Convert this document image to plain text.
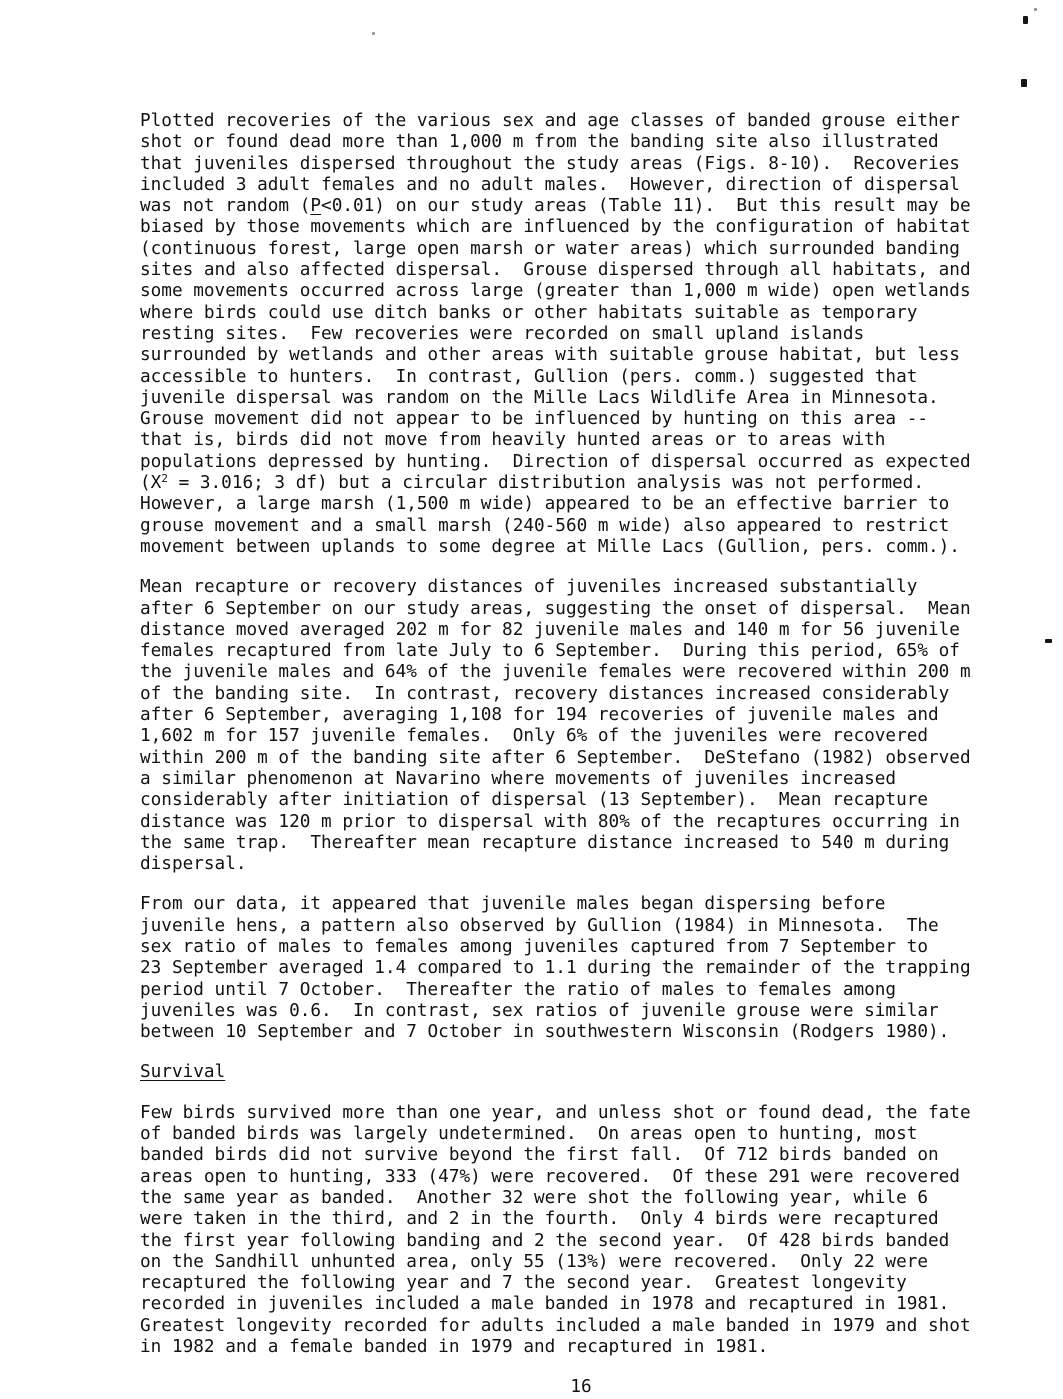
Plotted recoveries of the various sex and age classes of banded grouse either
shot or found dead more than 1,000 m from the banding site also illustrated
that juveniles dispersed throughout the study areas (Figs. 8-10).  Recoveries
included 3 adult females and no adult males.  However, direction of dispersal
was not random (P<0.01) on our study areas (Table 11).  But this result may be
biased by those movements which are influenced by the configuration of habitat
(continuous forest, large open marsh or water areas) which surrounded banding
sites and also affected dispersal.  Grouse dispersed through all habitats, and
some movements occurred across large (greater than 1,000 m wide) open wetlands
where birds could use ditch banks or other habitats suitable as temporary
resting sites.  Few recoveries were recorded on small upland islands
surrounded by wetlands and other areas with suitable grouse habitat, but less
accessible to hunters.  In contrast, Gullion (pers. comm.) suggested that
juvenile dispersal was random on the Mille Lacs Wildlife Area in Minnesota.
Grouse movement did not appear to be influenced by hunting on this area --
that is, birds did not move from heavily hunted areas or to areas with
populations depressed by hunting.  Direction of dispersal occurred as expected
($X^2 = 3.016$; 3 df) but a circular distribution analysis was not performed.
However, a large marsh (1,500 m wide) appeared to be an effective barrier to
grouse movement and a small marsh (240-560 m wide) also appeared to restrict
movement between uplands to some degree at Mille Lacs (Gullion, pers. comm.).
Mean recapture or recovery distances of juveniles increased substantially
after 6 September on our study areas, suggesting the onset of dispersal.  Mean
distance moved averaged 202 m for 82 juvenile males and 140 m for 56 juvenile
females recaptured from late July to 6 September.  During this period, 65% of
the juvenile males and 64% of the juvenile females were recovered within 200 m
of the banding site.  In contrast, recovery distances increased considerably
after 6 September, averaging 1,108 for 194 recoveries of juvenile males and
1,602 m for 157 juvenile females.  Only 6% of the juveniles were recovered
within 200 m of the banding site after 6 September.  DeStefano (1982) observed
a similar phenomenon at Navarino where movements of juveniles increased
considerably after initiation of dispersal (13 September).  Mean recapture
distance was 120 m prior to dispersal with 80% of the recaptures occurring in
the same trap.  Thereafter mean recapture distance increased to 540 m during
dispersal.
From our data, it appeared that juvenile males began dispersing before
juvenile hens, a pattern also observed by Gullion (1984) in Minnesota.  The
sex ratio of males to females among juveniles captured from 7 September to
23 September averaged 1.4 compared to 1.1 during the remainder of the trapping
period until 7 October.  Thereafter the ratio of males to females among
juveniles was 0.6.  In contrast, sex ratios of juvenile grouse were similar
between 10 September and 7 October in southwestern Wisconsin (Rodgers 1980).
Survival
Few birds survived more than one year, and unless shot or found dead, the fate
of banded birds was largely undetermined.  On areas open to hunting, most
banded birds did not survive beyond the first fall.  Of 712 birds banded on
areas open to hunting, 333 (47%) were recovered.  Of these 291 were recovered
the same year as banded.  Another 32 were shot the following year, while 6
were taken in the third, and 2 in the fourth.  Only 4 birds were recaptured
the first year following banding and 2 the second year.  Of 428 birds banded
on the Sandhill unhunted area, only 55 (13%) were recovered.  Only 22 were
recaptured the following year and 7 the second year.  Greatest longevity
recorded in juveniles included a male banded in 1978 and recaptured in 1981.
Greatest longevity recorded for adults included a male banded in 1979 and shot
in 1982 and a female banded in 1979 and recaptured in 1981.
16
